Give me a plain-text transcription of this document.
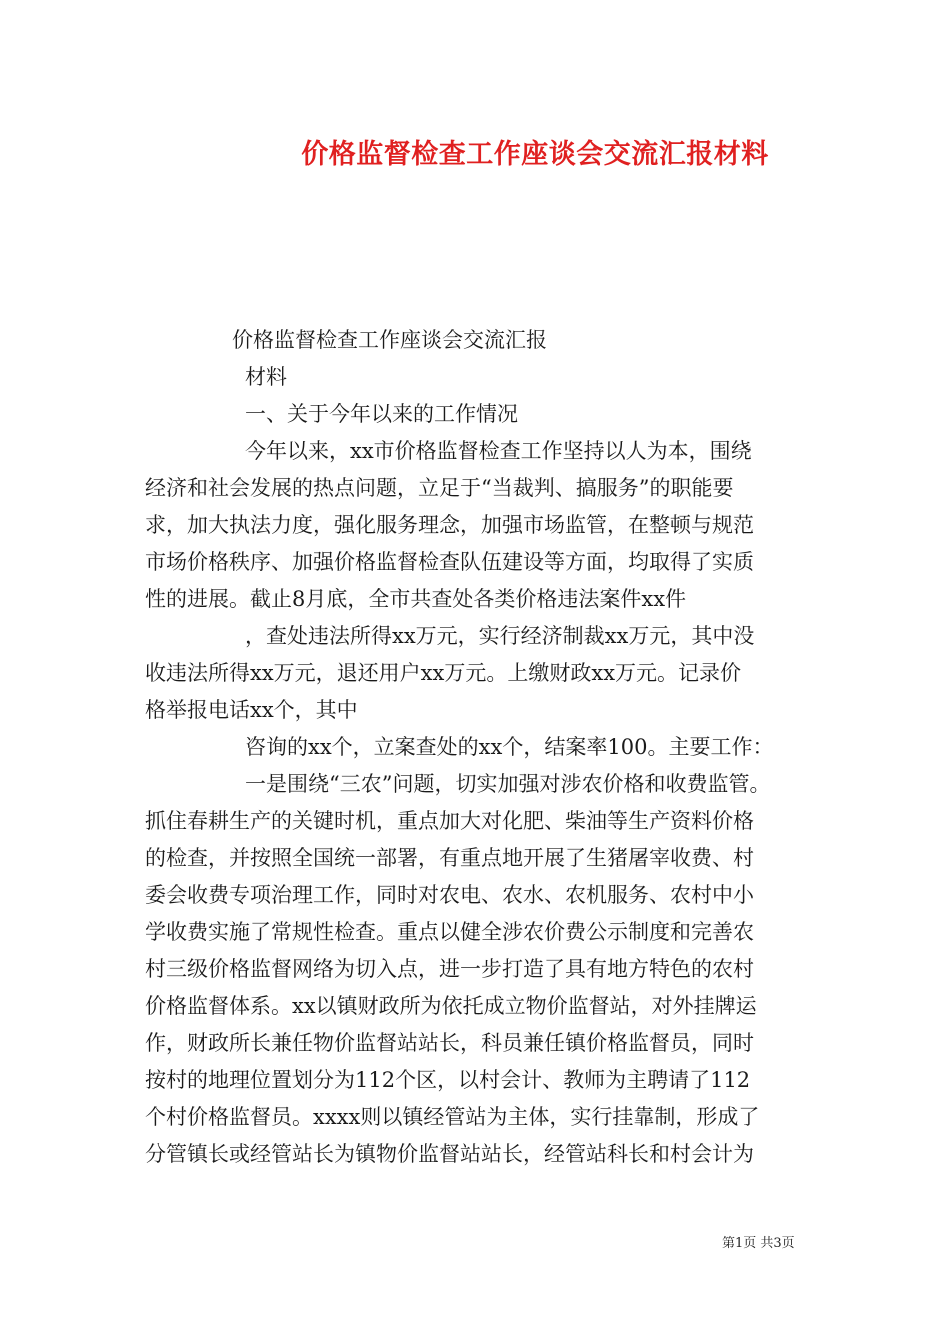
价格监督检查工作座谈会交流汇报材料
价格监督检查工作座谈会交流汇报
材料
一、关于今年以来的工作情况
今年以来，xx市价格监督检查工作坚持以人为本，围绕
经济和社会发展的热点问题，立足于“当裁判、搞服务”的职能要
求，加大执法力度，强化服务理念，加强市场监管，在整顿与规范
市场价格秩序、加强价格监督检查队伍建设等方面，均取得了实质
性的进展。截止8月底，全市共查处各类价格违法案件xx件
，查处违法所得xx万元，实行经济制裁xx万元，其中没
收违法所得xx万元，退还用户xx万元。上缴财政xx万元。记录价
格举报电话xx个，其中
咨询的xx个，立案查处的xx个，结案率100。主要工作：
一是围绕“三农”问题，切实加强对涉农价格和收费监管。
抓住春耕生产的关键时机，重点加大对化肥、柴油等生产资料价格
的检查，并按照全国统一部署，有重点地开展了生猪屠宰收费、村
委会收费专项治理工作，同时对农电、农水、农机服务、农村中小
学收费实施了常规性检查。重点以健全涉农价费公示制度和完善农
村三级价格监督网络为切入点，进一步打造了具有地方特色的农村
价格监督体系。xx以镇财政所为依托成立物价监督站，对外挂牌运
作，财政所长兼任物价监督站站长，科员兼任镇价格监督员，同时
按村的地理位置划分为112个区，以村会计、教师为主聘请了112
个村价格监督员。xxxx则以镇经管站为主体，实行挂靠制，形成了
分管镇长或经管站长为镇物价监督站站长，经管站科长和村会计为
第1页 共3页
